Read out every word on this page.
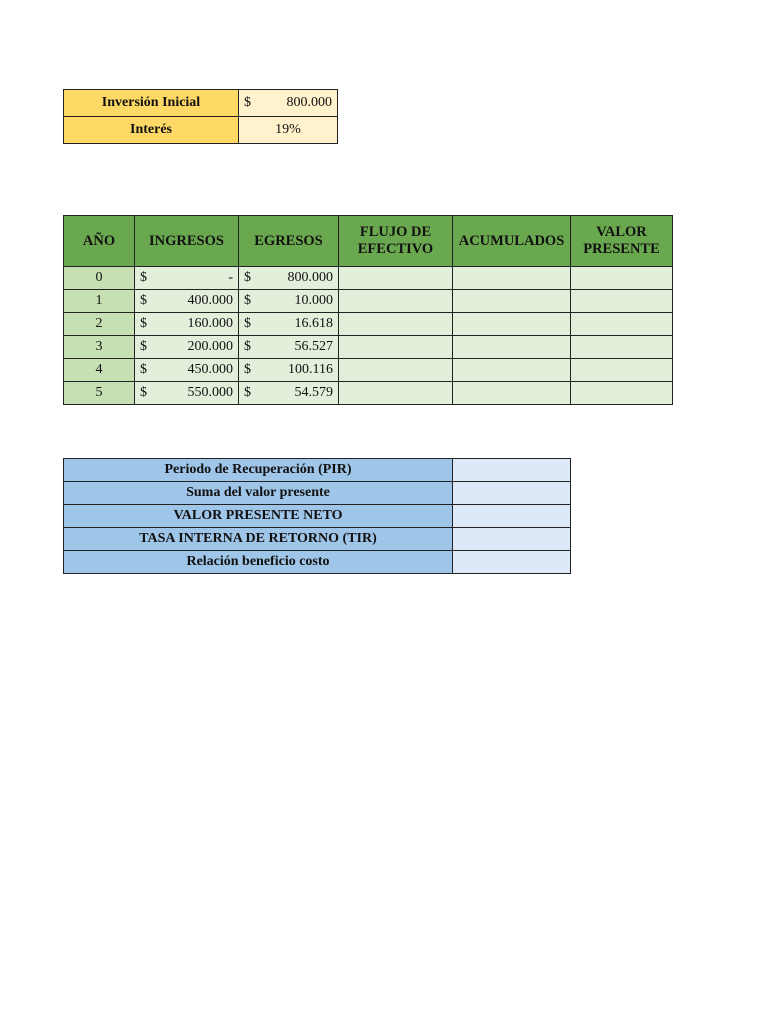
Inversión Inicial	$ 800.000

Interés	19%
AÑO	INGRESOS	EGRESOS	FLUJO DE EFECTIVO	ACUMULADOS	VALOR PRESENTE
0	$ -	$ 800.000			

1	$ 400.000	$ 10.000			

2	$ 160.000	$ 16.618			

3	$ 200.000	$ 56.527			

4	$ 450.000	$ 100.116			

5	$ 550.000	$ 54.579			

Periodo de Recuperación (PIR)	
Suma del valor presente	
VALOR PRESENTE NETO	
TASA INTERNA DE RETORNO (TIR)	
Relación beneficio costo	
